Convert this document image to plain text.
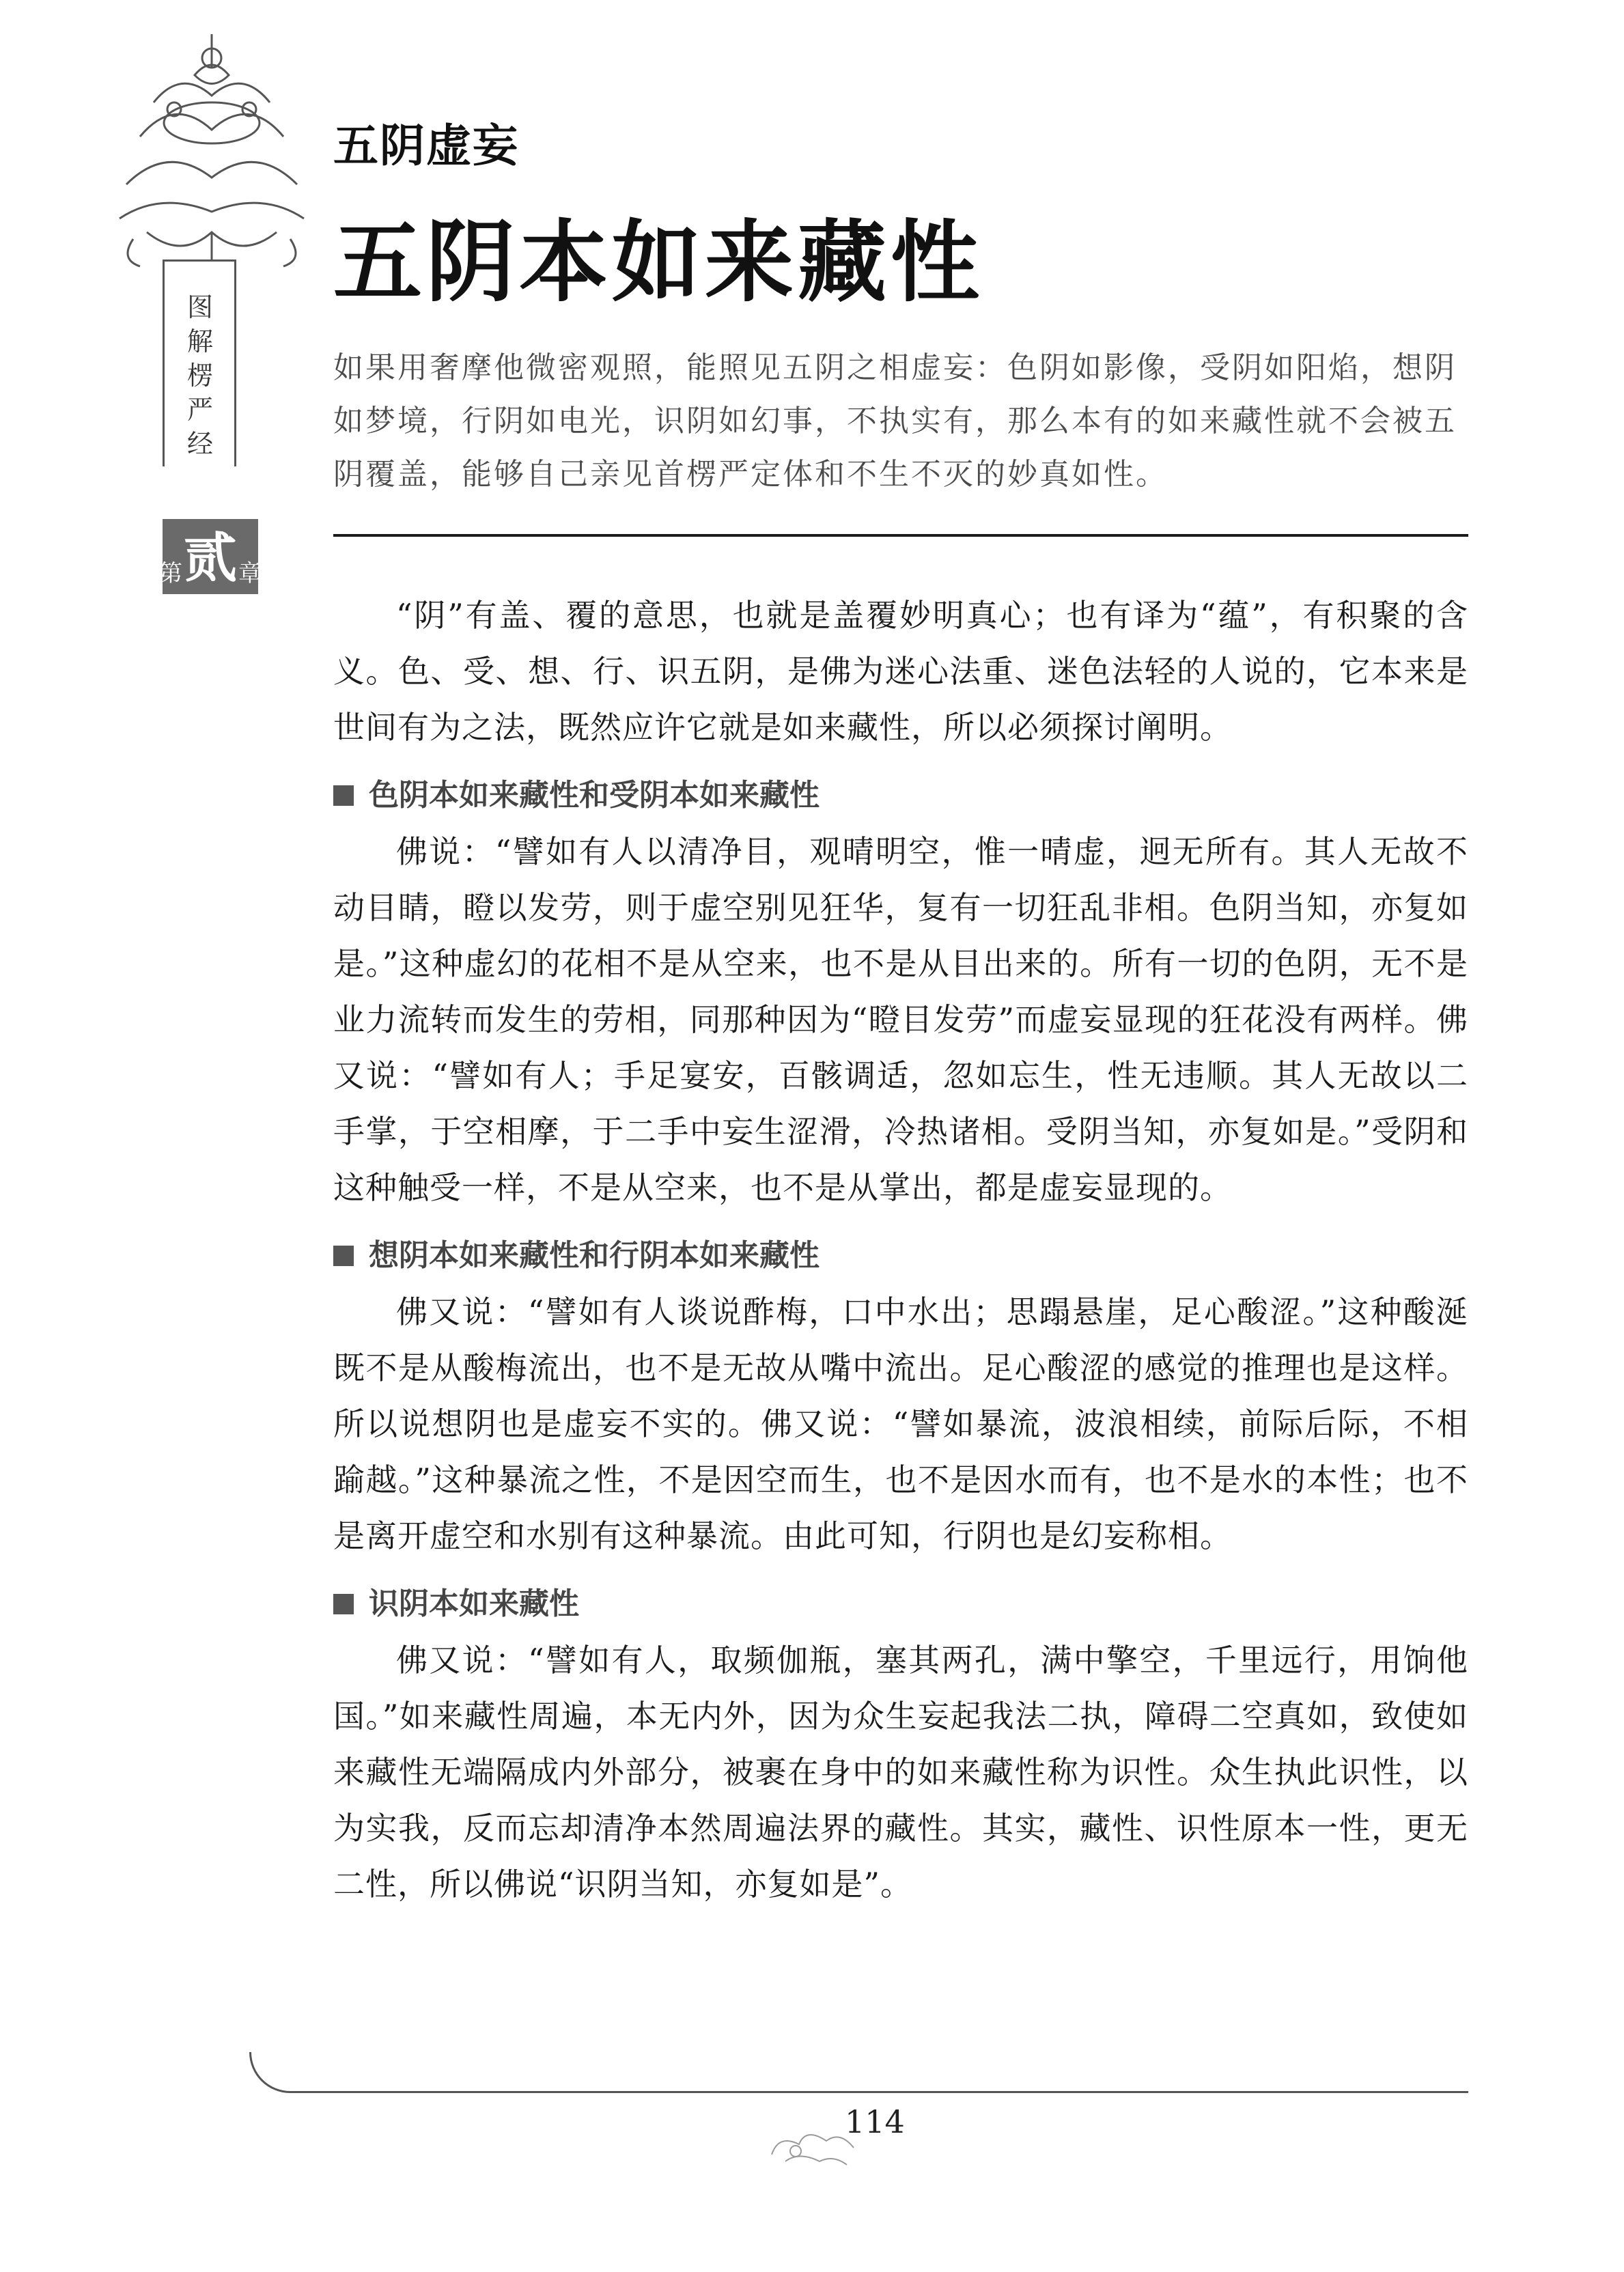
图解楞严经
第 贰 章
五阴虚妄
五阴本如来藏性

如果用奢摩他微密观照，能照见五阴之相虚妄：色阴如影像，受阴如阳焰，想阴如梦境，行阴如电光，识阴如幻事，不执实有，那么本有的如来藏性就不会被五阴覆盖，能够自己亲见首楞严定体和不生不灭的妙真如性。

“阴”有盖、覆的意思，也就是盖覆妙明真心；也有译为“蕴”，有积聚的含义。色、受、想、行、识五阴，是佛为迷心法重、迷色法轻的人说的，它本来是世间有为之法，既然应许它就是如来藏性，所以必须探讨阐明。

色阴本如来藏性和受阴本如来藏性

佛说：“譬如有人以清净目，观晴明空，惟一晴虚，迥无所有。其人无故不动目睛，瞪以发劳，则于虚空别见狂华，复有一切狂乱非相。色阴当知，亦复如是。”这种虚幻的花相不是从空来，也不是从目出来的。所有一切的色阴，无不是业力流转而发生的劳相，同那种因为“瞪目发劳”而虚妄显现的狂花没有两样。佛又说：“譬如有人；手足宴安，百骸调适，忽如忘生，性无违顺。其人无故以二手掌，于空相摩，于二手中妄生涩滑，冷热诸相。受阴当知，亦复如是。”受阴和这种触受一样，不是从空来，也不是从掌出，都是虚妄显现的。

想阴本如来藏性和行阴本如来藏性

佛又说：“譬如有人谈说酢梅，口中水出；思蹋悬崖，足心酸涩。”这种酸涎既不是从酸梅流出，也不是无故从嘴中流出。足心酸涩的感觉的推理也是这样。所以说想阴也是虚妄不实的。佛又说：“譬如暴流，波浪相续，前际后际，不相踰越。”这种暴流之性，不是因空而生，也不是因水而有，也不是水的本性；也不是离开虚空和水别有这种暴流。由此可知，行阴也是幻妄称相。

识阴本如来藏性

佛又说：“譬如有人，取频伽瓶，塞其两孔，满中擎空，千里远行，用饷他国。”如来藏性周遍，本无内外，因为众生妄起我法二执，障碍二空真如，致使如来藏性无端隔成内外部分，被裹在身中的如来藏性称为识性。众生执此识性，以为实我，反而忘却清净本然周遍法界的藏性。其实，藏性、识性原本一性，更无二性，所以佛说“识阴当知，亦复如是”。

114
